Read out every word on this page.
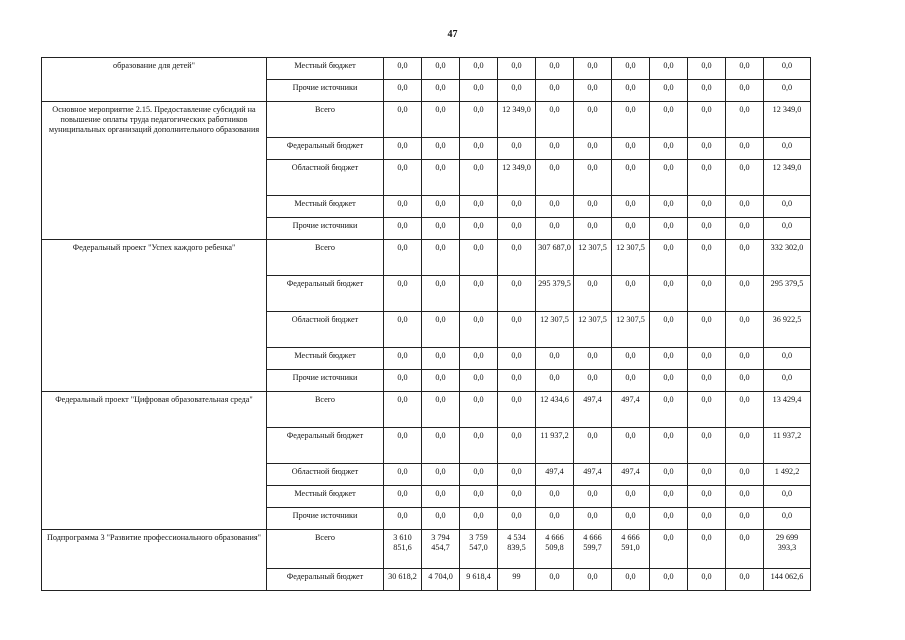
47
образование для детей"	Местный бюджет	0,0	0,0	0,0	0,0	0,0	0,0	0,0	0,0	0,0	0,0	0,0
	Прочие источники	0,0	0,0	0,0	0,0	0,0	0,0	0,0	0,0	0,0	0,0	0,0
Основное мероприятие 2.15. Предоставление субсидий на повышение оплаты труда педагогических работников муниципальных организаций дополнительного образования	Всего	0,0	0,0	0,0	12 349,0	0,0	0,0	0,0	0,0	0,0	0,0	12 349,0
	Федеральный бюджет	0,0	0,0	0,0	0,0	0,0	0,0	0,0	0,0	0,0	0,0	0,0
	Областной бюджет	0,0	0,0	0,0	12 349,0	0,0	0,0	0,0	0,0	0,0	0,0	12 349,0
	Местный бюджет	0,0	0,0	0,0	0,0	0,0	0,0	0,0	0,0	0,0	0,0	0,0
	Прочие источники	0,0	0,0	0,0	0,0	0,0	0,0	0,0	0,0	0,0	0,0	0,0
Федеральный проект "Успех каждого ребенка"	Всего	0,0	0,0	0,0	0,0	307 687,0	12 307,5	12 307,5	0,0	0,0	0,0	332 302,0
	Федеральный бюджет	0,0	0,0	0,0	0,0	295 379,5	0,0	0,0	0,0	0,0	0,0	295 379,5
	Областной бюджет	0,0	0,0	0,0	0,0	12 307,5	12 307,5	12 307,5	0,0	0,0	0,0	36 922,5
	Местный бюджет	0,0	0,0	0,0	0,0	0,0	0,0	0,0	0,0	0,0	0,0	0,0
	Прочие источники	0,0	0,0	0,0	0,0	0,0	0,0	0,0	0,0	0,0	0,0	0,0
Федеральный проект "Цифровая образовательная среда"	Всего	0,0	0,0	0,0	0,0	12 434,6	497,4	497,4	0,0	0,0	0,0	13 429,4
	Федеральный бюджет	0,0	0,0	0,0	0,0	11 937,2	0,0	0,0	0,0	0,0	0,0	11 937,2
	Областной бюджет	0,0	0,0	0,0	0,0	497,4	497,4	497,4	0,0	0,0	0,0	1 492,2
	Местный бюджет	0,0	0,0	0,0	0,0	0,0	0,0	0,0	0,0	0,0	0,0	0,0
	Прочие источники	0,0	0,0	0,0	0,0	0,0	0,0	0,0	0,0	0,0	0,0	0,0
Подпрограмма 3 "Развитие профессионального образования"	Всего	3 610 851,6	3 794 454,7	3 759 547,0	4 534 839,5	4 666 509,8	4 666 599,7	4 666 591,0	0,0	0,0	0,0	29 699 393,3
	Федеральный бюджет	30 618,2	4 704,0	9 618,4	99	0,0	0,0	0,0	0,0	0,0	0,0	144 062,6
